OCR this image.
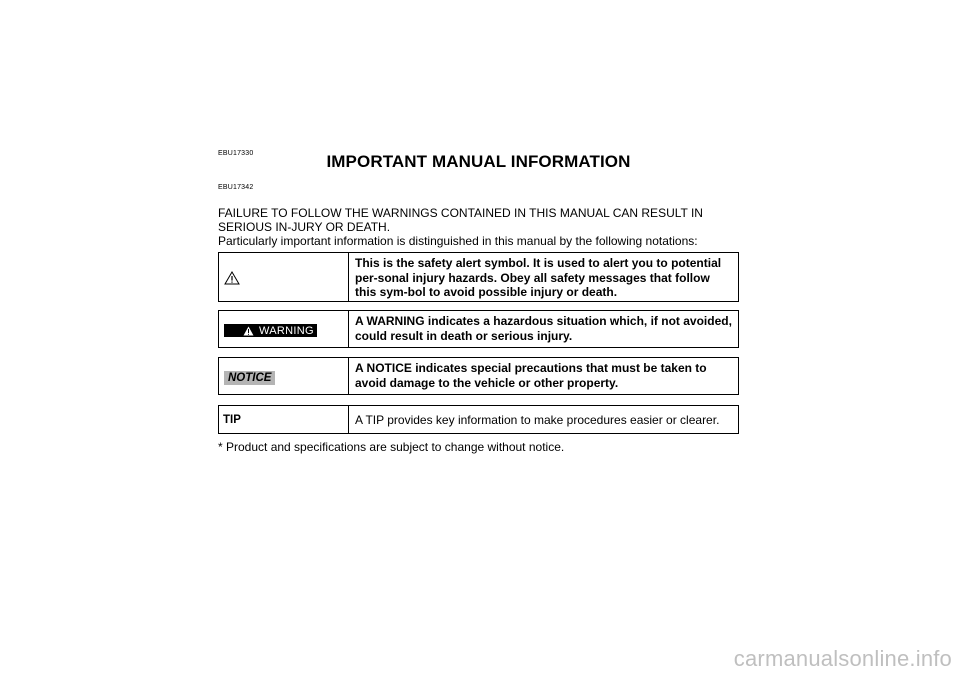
EBU17330	IMPORTANT MANUAL INFORMATION
EBU17342
FAILURE TO FOLLOW THE WARNINGS CONTAINED IN THIS MANUAL CAN RESULT IN SERIOUS IN-JURY OR DEATH.
Particularly important information is distinguished in this manual by the following notations:
This is the safety alert symbol. It is used to alert you to potential per-sonal injury hazards. Obey all safety messages that follow this sym-bol to avoid possible injury or death.
WARNING
A WARNING indicates a hazardous situation which, if not avoided, could result in death or serious injury.
NOTICE
A NOTICE indicates special precautions that must be taken to avoid damage to the vehicle or other property.
TIP	A TIP provides key information to make procedures easier or clearer.
* Product and specifications are subject to change without notice.
carmanualsonline.info
